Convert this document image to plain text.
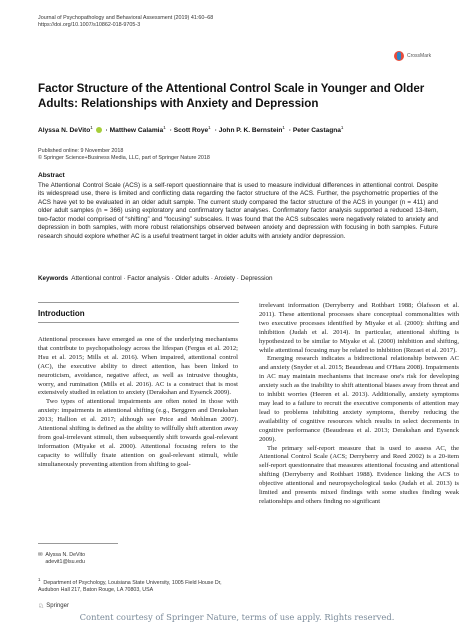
Journal of Psychopathology and Behavioral Assessment (2019) 41:60–68
https://doi.org/10.1007/s10862-018-9705-3
CrossMark
Factor Structure of the Attentional Control Scale in Younger and Older Adults: Relationships with Anxiety and Depression
Alyssa N. DeVito$^1$	· Matthew Calamia$^1$ · Scott Roye$^1$ · John P. K. Bernstein$^1$ · Peter Castagna$^1$
Published online: 9 November 2018
© Springer Science+Business Media, LLC, part of Springer Nature 2018
Abstract
The Attentional Control Scale (ACS) is a self-report questionnaire that is used to measure individual differences in attentional control. Despite its widespread use, there is limited and conflicting data regarding the factor structure of the ACS. Further, the psychometric properties of the ACS have yet to be evaluated in an older adult sample. The current study compared the factor structure of the ACS in younger (n = 411) and older adult samples (n = 366) using exploratory and confirmatory factor analyses. Confirmatory factor analysis supported a reduced 13-item, two-factor model comprised of “shifting” and “focusing” subscales. It was found that the ACS subscales were negatively related to anxiety and depression in both samples, with more robust relationships observed between anxiety and depression with focusing in both samples. Future research should explore whether AC is a useful treatment target in older adults with anxiety and/or depression.
Keywords Attentional control · Factor analysis · Older adults · Anxiety · Depression
Introduction

Attentional processes have emerged as one of the underlying mechanisms that contribute to psychopathology across the lifespan (Fergus et al. 2012; Hsu et al. 2015; Mills et al. 2016). When impaired, attentional control (AC), the executive ability to direct attention, has been linked to neuroticism, avoidance, negative affect, as well as intrusive thoughts, worry, and rumination (Mills et al. 2016). AC is a construct that is most extensively studied in relation to anxiety (Derakshan and Eysenck 2009).

Two types of attentional impairments are often noted in those with anxiety: impairments in attentional shifting (e.g., Berggren and Derakshan 2013; Hallion et al. 2017; although see Price and Mohlman 2007). Attentional shifting is defined as the ability to willfully shift attention away from goal-irrelevant stimuli, then subsequently shift towards goal-relevant information (Miyake et al. 2000). Attentional focusing refers to the capacity to willfully fixate attention on goal-relevant stimuli, while simultaneously preventing attention from shifting to goal-

irrelevant information (Derryberry and Rothbart 1988; Ólafsson et al. 2011). These attentional processes share conceptual commonalities with two executive processes identified by Miyake et al. (2000): shifting and inhibition (Judah et al. 2014). In particular, attentional shifting is hypothesized to be similar to Miyake et al. (2000) inhibition and shifting, while attentional focusing may be related to inhibition (Rezaei et al. 2017).

Emerging research indicates a bidirectional relationship between AC and anxiety (Snyder et al. 2015; Beaudreau and O'Hara 2008). Impairments in AC may maintain mechanisms that increase one's risk for developing anxiety such as the inability to shift attentional biases away from threat and to inhibit worries (Heeren et al. 2013). Additionally, anxiety symptoms may lead to a failure to recruit the executive components of attention may lead to problems inhibiting anxiety symptoms, thereby reducing the availability of cognitive resources which results in select decrements in cognitive performance (Beaudreau et al. 2013; Derakshan and Eysenck 2009).

The primary self-report measure that is used to assess AC, the Attentional Control Scale (ACS; Derryberry and Reed 2002) is a 20-item self-report questionnaire that measures attentional focusing and attentional shifting (Derryberry and Rothbart 1988). Evidence linking the ACS to objective attentional and neuropsychological tasks (Judah et al. 2013) is limited and presents mixed findings with some studies finding weak relationships and others finding no significant

✉ Alyssa N. DeVito
adevit1@lsu.edu
$^1$  Department of Psychology, Louisiana State University, 1005 Field House Dr, Audubon Hall 217, Baton Rouge, LA 70803, USA
♘ Springer
Content courtesy of Springer Nature, terms of use apply. Rights reserved.
